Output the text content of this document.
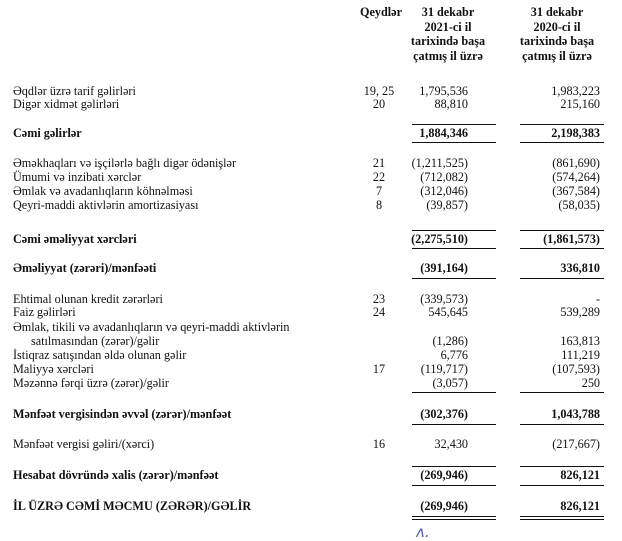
Qeydlər	31 dekabr
2021-ci il
tarixində başa
çatmış il üzrə
31 dekabr
2020-ci il
tarixində başa
çatmış il üzrə
Əqdlər üzrə tarif gəlirləri	19, 25	1,795,536	1,983,223
Digər xidmət gəlirləri	20	88,810	215,160
Cəmi gəlirlər	1,884,346	2,198,383
Əməkhaqları və işçilərlə bağlı digər ödənişlər	21	(1,211,525)	(861,690)
Ümumi və inzibati xərclər	22	(712,082)	(574,264)
Əmlak və avadanlıqların köhnəlməsi	7	(312,046)	(367,584)
Qeyri-maddi aktivlərin amortizasiyası	8	(39,857)	(58,035)
Cəmi əməliyyat xərcləri	(2,275,510)	(1,861,573)
Əməliyyat (zərəri)/mənfəəti	(391,164)	336,810
Ehtimal olunan kredit zərərləri	23	(339,573)	-
Faiz gəlirləri	24	545,645	539,289
Əmlak, tikili və avadanlıqların və qeyri-maddi aktivlərin
satılmasından (zərər)/gəlir	(1,286)	163,813
İstiqraz satışından əldə olunan gəlir	6,776	111,219
Maliyyə xərcləri	17	(119,717)	(107,593)
Məzənnə fərqi üzrə (zərər)/gəlir	(3,057)	250
Mənfəət vergisindən əvvəl (zərər)/mənfəət	(302,376)	1,043,788
Mənfəət vergisi gəliri/(xərci)	16	32,430	(217,667)
Hesabat dövründə xalis (zərər)/mənfəət	(269,946)	826,121
İL ÜZRƏ CƏMİ MƏCMU (ZƏRƏR)/GƏLİR	(269,946)	826,121
ʌ.
